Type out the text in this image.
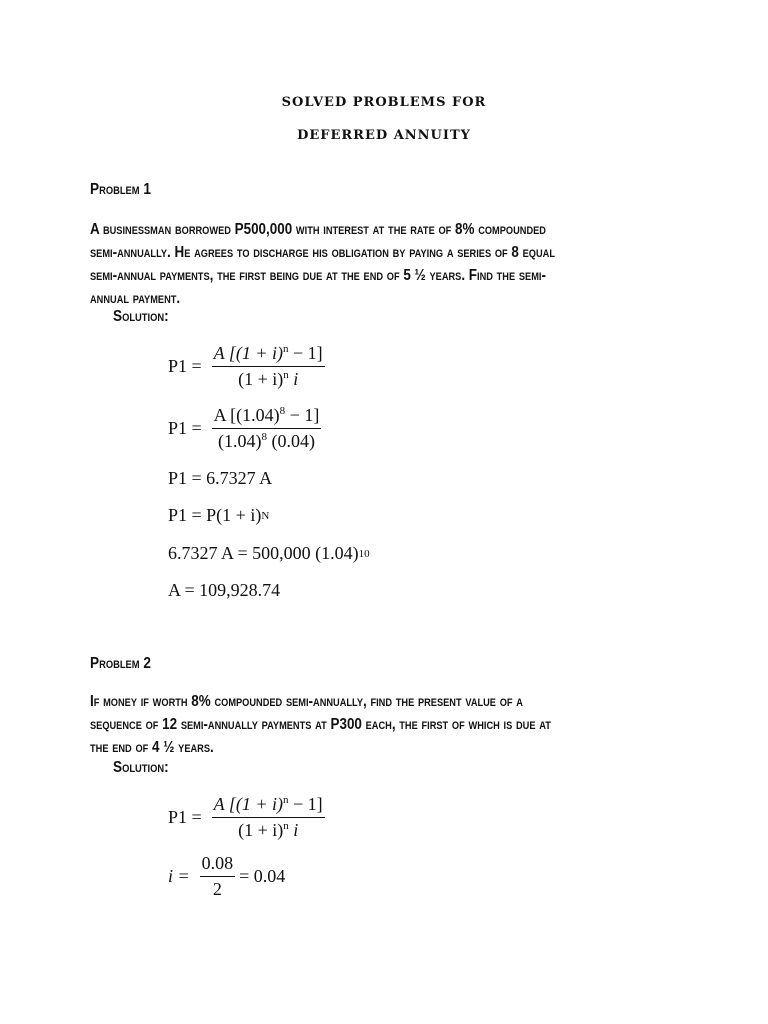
SOLVED PROBLEMS FOR
DEFERRED ANNUITY
Problem 1
A businessman borrowed P500,000 with interest at the rate of 8% compounded
semi-annually. He agrees to discharge his obligation by paying a series of 8 equal
semi-annual payments, the first being due at the end of 5 ½ years. Find the semi-
annual payment.
Solution:
$P1 = \frac{A [(1 + i)^n - 1]}{(1 + i)^n i}$
$P1 = \frac{A [(1.04)^8 - 1]}{(1.04)^8 (0.04)}$
P1 = 6.7327 A
P1 = P(1 + i) N
6.7327 A = 500,000 (1.04) 10
A = 109,928.74
Problem 2
If money if worth 8% compounded semi-annually, find the present value of a
sequence of 12 semi-annually payments at P300 each, the first of which is due at
the end of 4 ½ years.
Solution:
$P1 = \frac{A [(1 + i)^n - 1]}{(1 + i)^n i}$
$i = \frac{0.08}{2} = 0.04$
